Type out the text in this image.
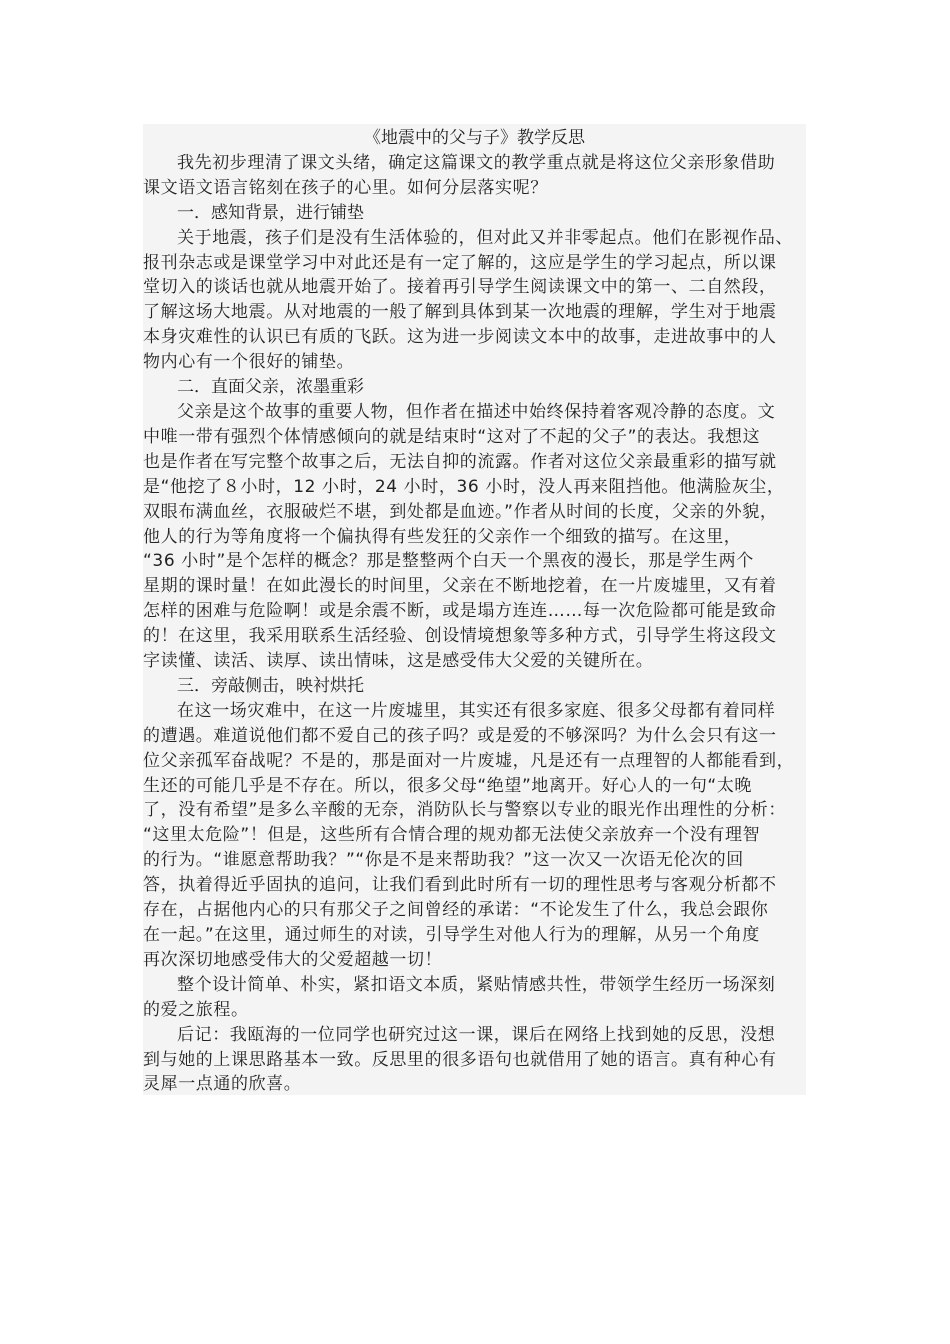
《地震中的父与子》教学反思
我先初步理清了课文头绪，确定这篇课文的教学重点就是将这位父亲形象借助
课文语文语言铭刻在孩子的心里。如何分层落实呢？
一．感知背景，进行铺垫
关于地震，孩子们是没有生活体验的，但对此又并非零起点。他们在影视作品、
报刊杂志或是课堂学习中对此还是有一定了解的，这应是学生的学习起点，所以课
堂切入的谈话也就从地震开始了。接着再引导学生阅读课文中的第一、二自然段，
了解这场大地震。从对地震的一般了解到具体到某一次地震的理解，学生对于地震
本身灾难性的认识已有质的飞跃。这为进一步阅读文本中的故事，走进故事中的人
物内心有一个很好的铺垫。
二．直面父亲，浓墨重彩
父亲是这个故事的重要人物，但作者在描述中始终保持着客观冷静的态度。文
中唯一带有强烈个体情感倾向的就是结束时“这对了不起的父子”的表达。我想这
也是作者在写完整个故事之后，无法自抑的流露。作者对这位父亲最重彩的描写就
是“他挖了８小时，12 小时，24 小时，36 小时，没人再来阻挡他。他满脸灰尘，
双眼布满血丝，衣服破烂不堪，到处都是血迹。”作者从时间的长度，父亲的外貌，
他人的行为等角度将一个偏执得有些发狂的父亲作一个细致的描写。在这里，
“36 小时”是个怎样的概念？那是整整两个白天一个黑夜的漫长，那是学生两个
星期的课时量！在如此漫长的时间里，父亲在不断地挖着，在一片废墟里，又有着
怎样的困难与危险啊！或是余震不断，或是塌方连连……每一次危险都可能是致命
的！在这里，我采用联系生活经验、创设情境想象等多种方式，引导学生将这段文
字读懂、读活、读厚、读出情味，这是感受伟大父爱的关键所在。
三．旁敲侧击，映衬烘托
在这一场灾难中，在这一片废墟里，其实还有很多家庭、很多父母都有着同样
的遭遇。难道说他们都不爱自己的孩子吗？或是爱的不够深吗？为什么会只有这一
位父亲孤军奋战呢？不是的，那是面对一片废墟，凡是还有一点理智的人都能看到，
生还的可能几乎是不存在。所以，很多父母“绝望”地离开。好心人的一句“太晚
了，没有希望”是多么辛酸的无奈，消防队长与警察以专业的眼光作出理性的分析：
“这里太危险”！但是，这些所有合情合理的规劝都无法使父亲放弃一个没有理智
的行为。“谁愿意帮助我？”“你是不是来帮助我？”这一次又一次语无伦次的回
答，执着得近乎固执的追问，让我们看到此时所有一切的理性思考与客观分析都不
存在，占据他内心的只有那父子之间曾经的承诺：“不论发生了什么，我总会跟你
在一起。”在这里，通过师生的对读，引导学生对他人行为的理解，从另一个角度
再次深切地感受伟大的父爱超越一切！
整个设计简单、朴实，紧扣语文本质，紧贴情感共性，带领学生经历一场深刻
的爱之旅程。
后记：我瓯海的一位同学也研究过这一课，课后在网络上找到她的反思，没想
到与她的上课思路基本一致。反思里的很多语句也就借用了她的语言。真有种心有
灵犀一点通的欣喜。
